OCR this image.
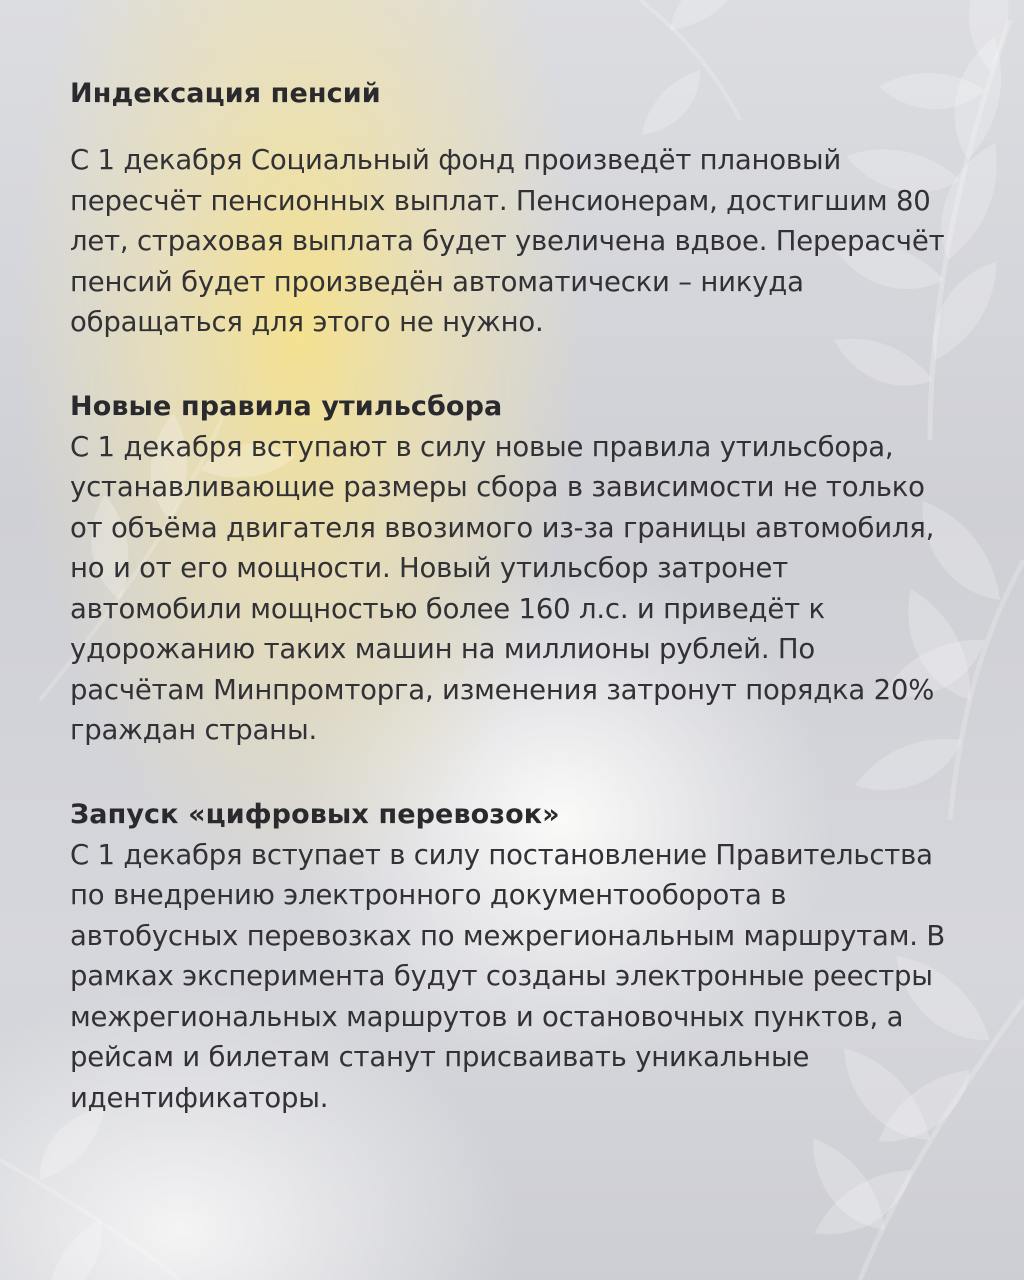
Индексация пенсий

С 1 декабря Социальный фонд произведёт плановый пересчёт пенсионных выплат. Пенсионерам, достигшим 80 лет, страховая выплата будет увеличена вдвое. Перерасчёт пенсий будет произведён автоматически – никуда обращаться для этого не нужно.

Новые правила утильсбора

С 1 декабря вступают в силу новые правила утильсбора, устанавливающие размеры сбора в зависимости не только от объёма двигателя ввозимого из-за границы автомобиля, но и от его мощности. Новый утильсбор затронет автомобили мощностью более 160 л.с. и приведёт к удорожанию таких машин на миллионы рублей. По расчётам Минпромторга, изменения затронут порядка 20% граждан страны.

Запуск «цифровых перевозок»

С 1 декабря вступает в силу постановление Правительства по внедрению электронного документооборота в автобусных перевозках по межрегиональным маршрутам. В рамках эксперимента будут созданы электронные реестры межрегиональных маршрутов и остановочных пунктов, а рейсам и билетам станут присваивать уникальные идентификаторы.
